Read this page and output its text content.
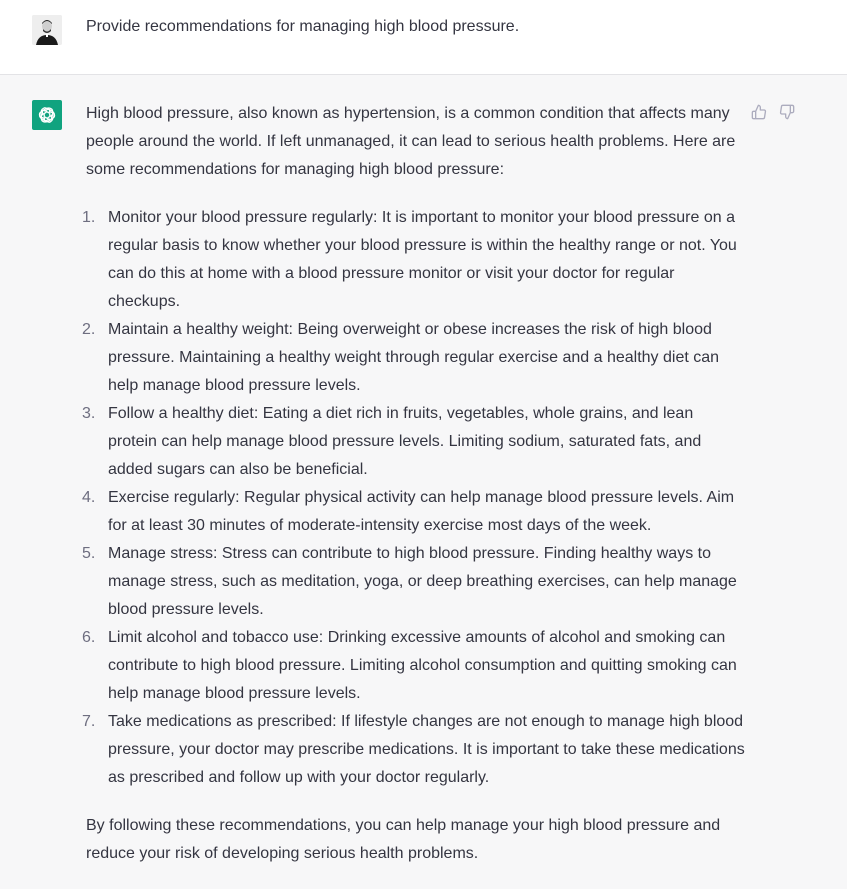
Provide recommendations for managing high blood pressure.

High blood pressure, also known as hypertension, is a common condition that affects many people around the world. If left unmanaged, it can lead to serious health problems. Here are some recommendations for managing high blood pressure:

1. Monitor your blood pressure regularly: It is important to monitor your blood pressure on a regular basis to know whether your blood pressure is within the healthy range or not. You can do this at home with a blood pressure monitor or visit your doctor for regular checkups.
2. Maintain a healthy weight: Being overweight or obese increases the risk of high blood pressure. Maintaining a healthy weight through regular exercise and a healthy diet can help manage blood pressure levels.
3. Follow a healthy diet: Eating a diet rich in fruits, vegetables, whole grains, and lean protein can help manage blood pressure levels. Limiting sodium, saturated fats, and added sugars can also be beneficial.
4. Exercise regularly: Regular physical activity can help manage blood pressure levels. Aim for at least 30 minutes of moderate-intensity exercise most days of the week.
5. Manage stress: Stress can contribute to high blood pressure. Finding healthy ways to manage stress, such as meditation, yoga, or deep breathing exercises, can help manage blood pressure levels.
6. Limit alcohol and tobacco use: Drinking excessive amounts of alcohol and smoking can contribute to high blood pressure. Limiting alcohol consumption and quitting smoking can help manage blood pressure levels.
7. Take medications as prescribed: If lifestyle changes are not enough to manage high blood pressure, your doctor may prescribe medications. It is important to take these medications as prescribed and follow up with your doctor regularly.

By following these recommendations, you can help manage your high blood pressure and reduce your risk of developing serious health problems.
